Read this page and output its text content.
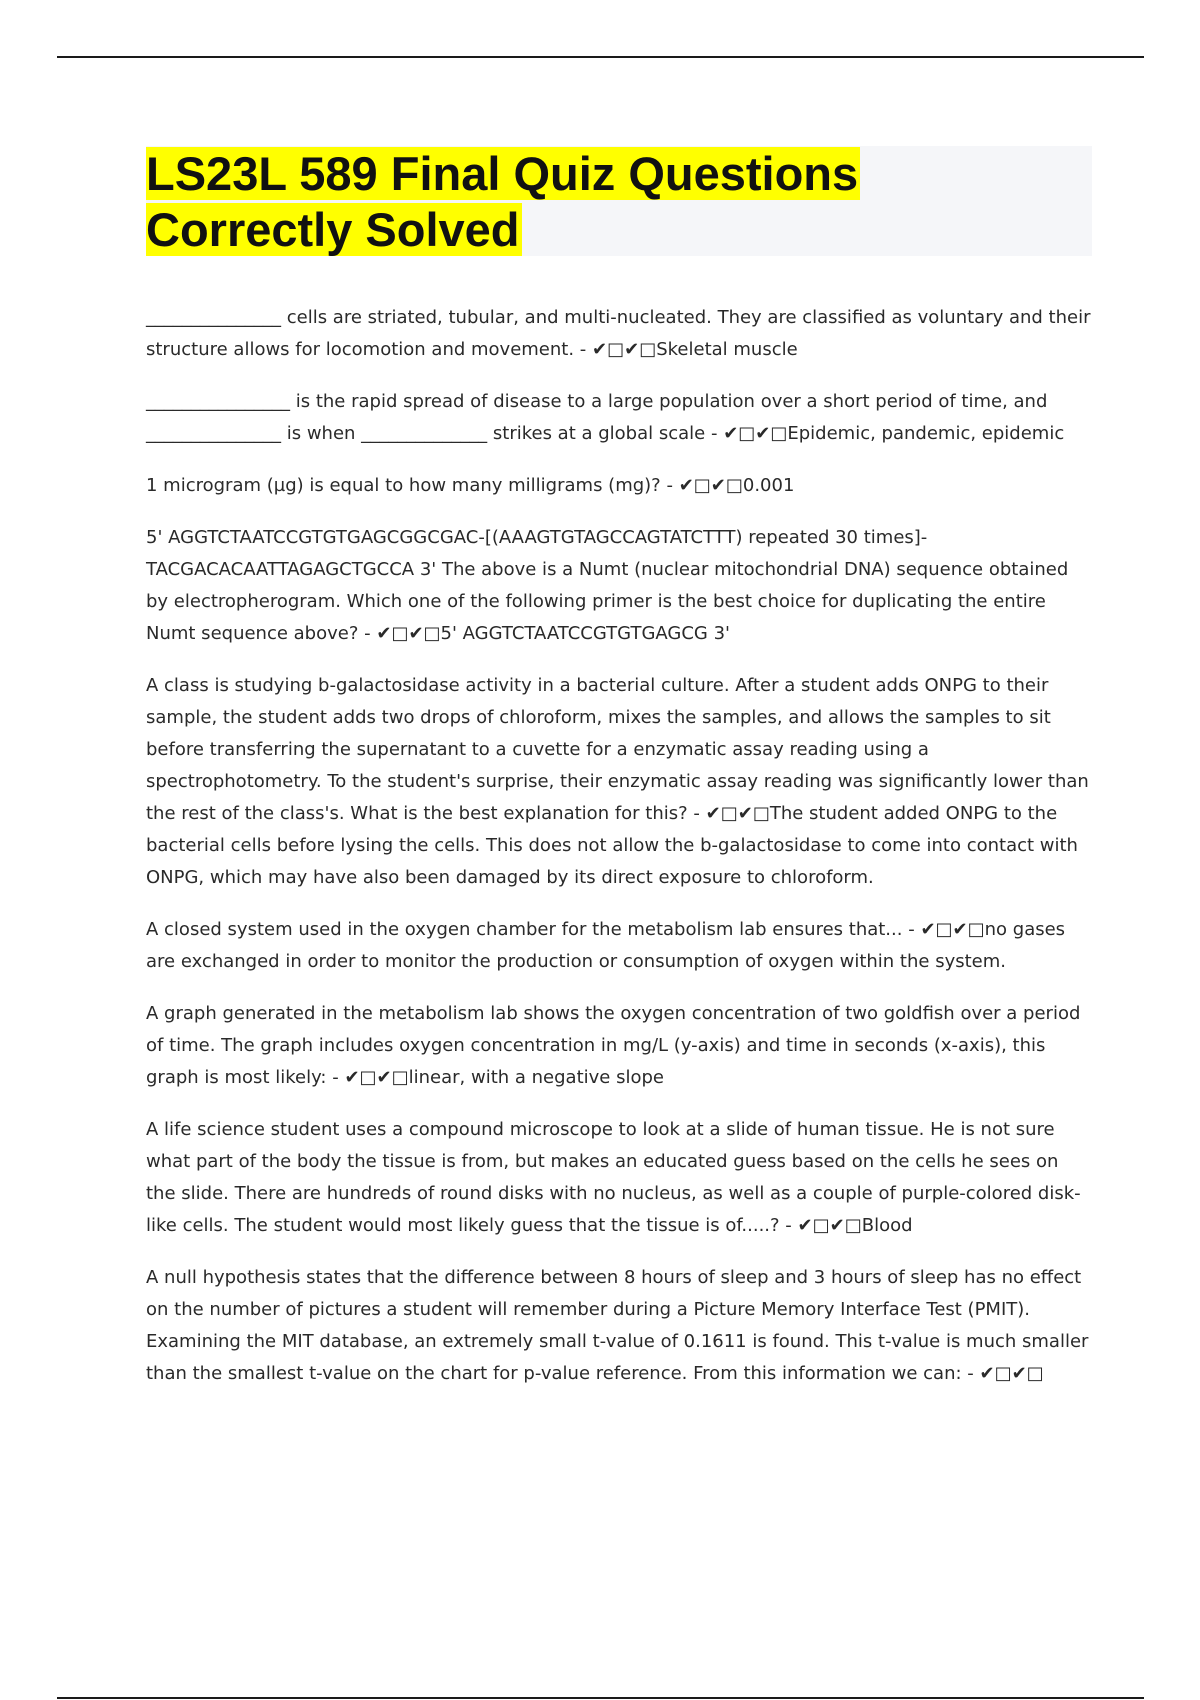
LS23L 589 Final Quiz Questions
Correctly Solved

_______________ cells are striated, tubular, and multi-nucleated. They are classified as voluntary and their structure allows for locomotion and movement. - ✔□✔□Skeletal muscle

________________ is the rapid spread of disease to a large population over a short period of time, and _______________ is when ______________ strikes at a global scale - ✔□✔□Epidemic, pandemic, epidemic

1 microgram (µg) is equal to how many milligrams (mg)? - ✔□✔□0.001

5' AGGTCTAATCCGTGTGAGCGGCGAC-[(AAAGTGTAGCCAGTATCTTT) repeated 30 times]-TACGACACAATTAGAGCTGCCA 3' The above is a Numt (nuclear mitochondrial DNA) sequence obtained by electropherogram. Which one of the following primer is the best choice for duplicating the entire Numt sequence above? - ✔□✔□5' AGGTCTAATCCGTGTGAGCG 3'

A class is studying b-galactosidase activity in a bacterial culture. After a student adds ONPG to their sample, the student adds two drops of chloroform, mixes the samples, and allows the samples to sit before transferring the supernatant to a cuvette for a enzymatic assay reading using a spectrophotometry. To the student's surprise, their enzymatic assay reading was significantly lower than the rest of the class's. What is the best explanation for this? - ✔□✔□The student added ONPG to the bacterial cells before lysing the cells. This does not allow the b-galactosidase to come into contact with ONPG, which may have also been damaged by its direct exposure to chloroform.

A closed system used in the oxygen chamber for the metabolism lab ensures that... - ✔□✔□no gases are exchanged in order to monitor the production or consumption of oxygen within the system.

A graph generated in the metabolism lab shows the oxygen concentration of two goldfish over a period of time. The graph includes oxygen concentration in mg/L (y-axis) and time in seconds (x-axis), this graph is most likely: - ✔□✔□linear, with a negative slope

A life science student uses a compound microscope to look at a slide of human tissue. He is not sure what part of the body the tissue is from, but makes an educated guess based on the cells he sees on the slide. There are hundreds of round disks with no nucleus, as well as a couple of purple-colored disk-like cells. The student would most likely guess that the tissue is of.....? - ✔□✔□Blood

A null hypothesis states that the difference between 8 hours of sleep and 3 hours of sleep has no effect on the number of pictures a student will remember during a Picture Memory Interface Test (PMIT). Examining the MIT database, an extremely small t-value of 0.1611 is found. This t-value is much smaller than the smallest t-value on the chart for p-value reference. From this information we can: - ✔□✔□
